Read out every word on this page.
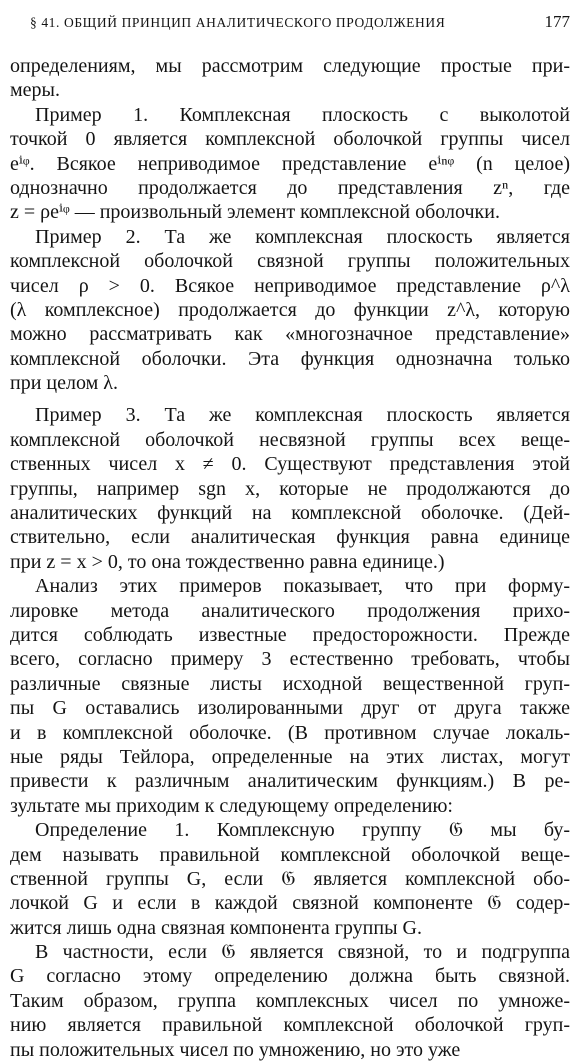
§ 41. ОБЩИЙ ПРИНЦИП АНАЛИТИЧЕСКОГО ПРОДОЛЖЕНИЯ	177
определениям, мы рассмотрим следующие простые при-
меры.
Пример 1. Комплексная плоскость с выколотой
точкой 0 является комплексной оболочкой группы чисел
eⁱᵠ. Всякое неприводимое представление eⁱⁿᵠ (n целое)
однозначно продолжается до представления zⁿ, где
z = ρeⁱᵠ — произвольный элемент комплексной оболочки.
Пример 2. Та же комплексная плоскость является
комплексной оболочкой связной группы положительных
чисел ρ > 0. Всякое неприводимое представление ρ^λ
(λ комплексное) продолжается до функции z^λ, которую
можно рассматривать как «многозначное представление»
комплексной оболочки. Эта функция однозначна только
при целом λ.
Пример 3. Та же комплексная плоскость является
комплексной оболочкой несвязной группы всех веще-
ственных чисел x ≠ 0. Существуют представления этой
группы, например sgn x, которые не продолжаются до
аналитических функций на комплексной оболочке. (Дей-
ствительно, если аналитическая функция равна единице
при z = x > 0, то она тождественно равна единице.)
Анализ этих примеров показывает, что при форму-
лировке метода аналитического продолжения прихо-
дится соблюдать известные предосторожности. Прежде
всего, согласно примеру 3 естественно требовать, чтобы
различные связные листы исходной вещественной груп-
пы G оставались изолированными друг от друга также
и в комплексной оболочке. (В противном случае локаль-
ные ряды Тейлора, определенные на этих листах, могут
привести к различным аналитическим функциям.) В ре-
зультате мы приходим к следующему определению:
Определение 1. Комплексную группу 𝔊 мы бу-
дем называть правильной комплексной оболочкой веще-
ственной группы G, если 𝔊 является комплексной обо-
лочкой G и если в каждой связной компоненте 𝔊 содер-
жится лишь одна связная компонента группы G.
В частности, если 𝔊 является связной, то и подгруппа
G согласно этому определению должна быть связной.
Таким образом, группа комплексных чисел по умноже-
нию является правильной комплексной оболочкой груп-
пы положительных чисел по умножению, но это уже
